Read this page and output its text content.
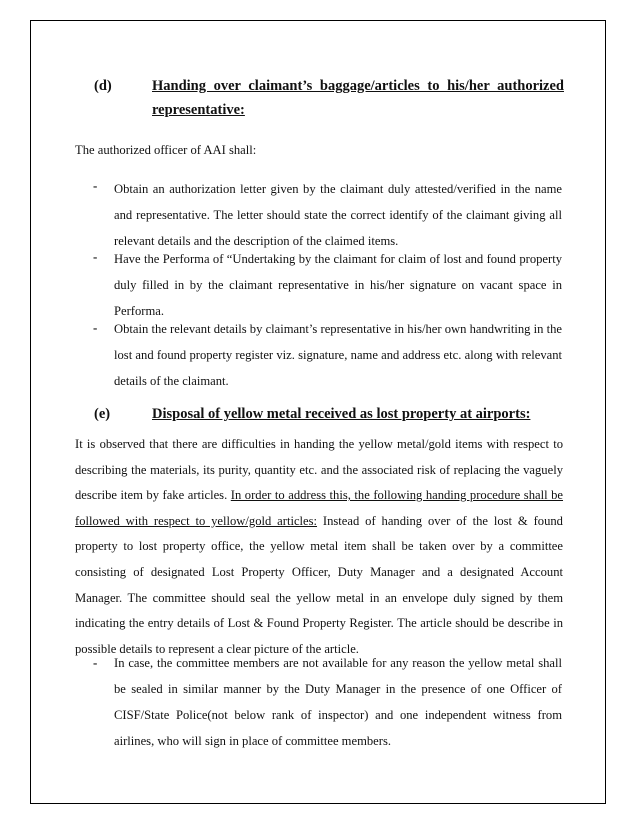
(d)	Handing over claimant’s baggage/articles to his/her authorized
representative:
The authorized officer of AAI shall:
- Obtain an authorization letter given by the claimant duly attested/verified in the name and representative. The letter should state the correct identify of the claimant giving all relevant details and the description of the claimed items.
- Have the Performa of “Undertaking by the claimant for claim of lost and found property duly filled in by the claimant representative in his/her signature on vacant space in Performa.
- Obtain the relevant details by claimant’s representative in his/her own handwriting in the lost and found property register viz. signature, name and address etc. along with relevant details of the claimant.
(e)	Disposal of yellow metal received as lost property at airports:
It is observed that there are difficulties in handing the yellow metal/gold items with respect to describing the materials, its purity, quantity etc. and the associated risk of replacing the vaguely describe item by fake articles. In order to address this, the following handing procedure shall be followed with respect to yellow/gold articles: Instead of handing over of the lost & found property to lost property office, the yellow metal item shall be taken over by a committee consisting of designated Lost Property Officer, Duty Manager and a designated Account Manager. The committee should seal the yellow metal in an envelope duly signed by them indicating the entry details of Lost & Found Property Register. The article should be describe in possible details to represent a clear picture of the article.
- In case, the committee members are not available for any reason the yellow metal shall be sealed in similar manner by the Duty Manager in the presence of one Officer of CISF/State Police(not below rank of inspector) and one independent witness from airlines, who will sign in place of committee members.
